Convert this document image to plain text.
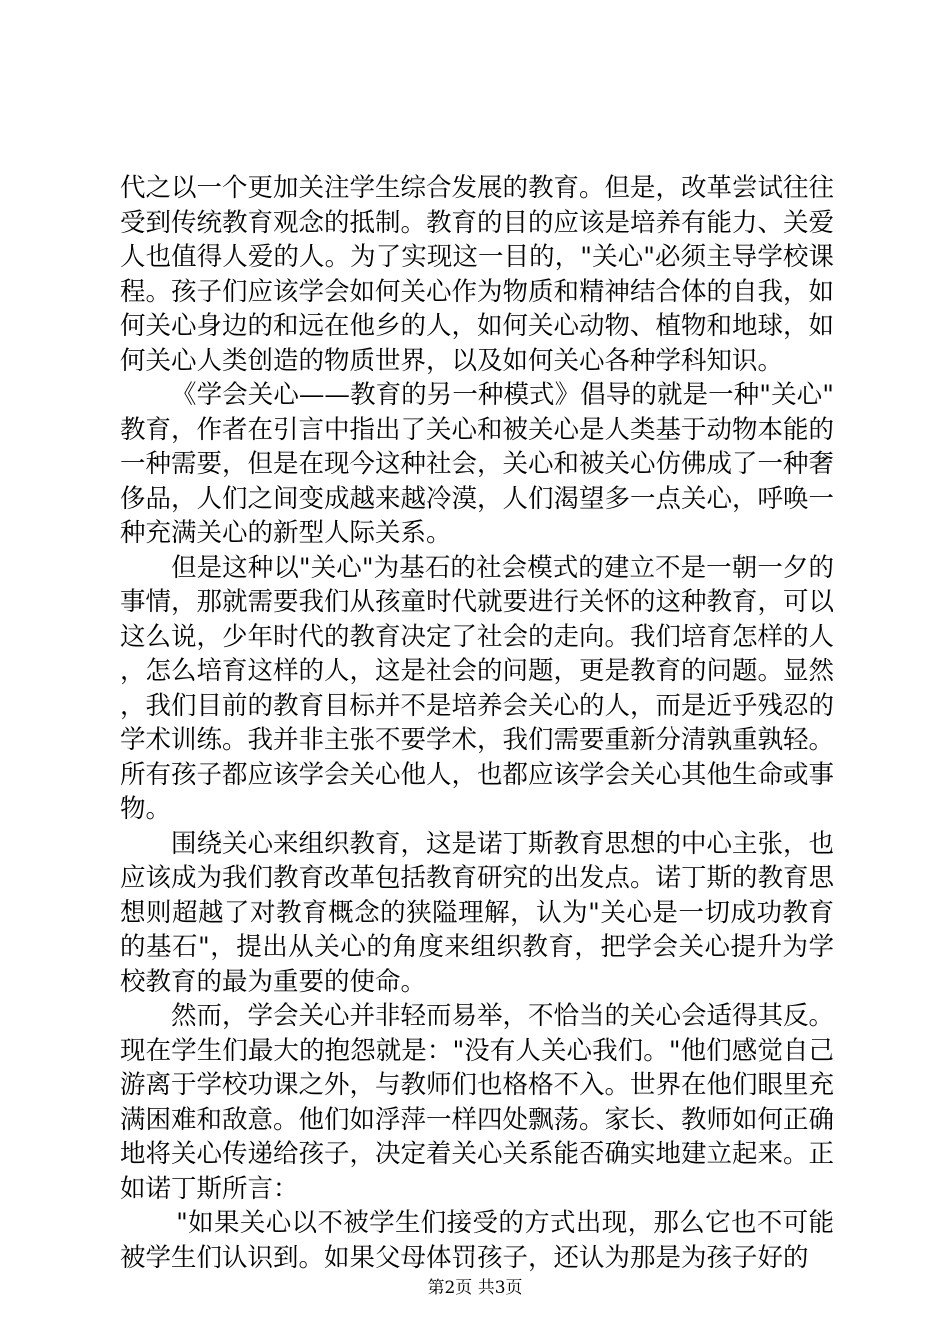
代之以一个更加关注学生综合发展的教育。但是，改革尝试往往受到传统教育观念的抵制。教育的目的应该是培养有能力、关爱人也值得人爱的人。为了实现这一目的，"关心"必须主导学校课程。孩子们应该学会如何关心作为物质和精神结合体的自我，如何关心身边的和远在他乡的人，如何关心动物、植物和地球，如何关心人类创造的物质世界，以及如何关心各种学科知识。

《学会关心——教育的另一种模式》倡导的就是一种"关心"教育，作者在引言中指出了关心和被关心是人类基于动物本能的一种需要，但是在现今这种社会，关心和被关心仿佛成了一种奢侈品，人们之间变成越来越冷漠，人们渴望多一点关心，呼唤一种充满关心的新型人际关系。

但是这种以"关心"为基石的社会模式的建立不是一朝一夕的事情，那就需要我们从孩童时代就要进行关怀的这种教育，可以这么说，少年时代的教育决定了社会的走向。我们培育怎样的人，怎么培育这样的人，这是社会的问题，更是教育的问题。显然，我们目前的教育目标并不是培养会关心的人，而是近乎残忍的学术训练。我并非主张不要学术，我们需要重新分清孰重孰轻。所有孩子都应该学会关心他人，也都应该学会关心其他生命或事物。

围绕关心来组织教育，这是诺丁斯教育思想的中心主张，也应该成为我们教育改革包括教育研究的出发点。诺丁斯的教育思想则超越了对教育概念的狭隘理解，认为"关心是一切成功教育的基石"，提出从关心的角度来组织教育，把学会关心提升为学校教育的最为重要的使命。

然而，学会关心并非轻而易举，不恰当的关心会适得其反。现在学生们最大的抱怨就是："没有人关心我们。"他们感觉自己游离于学校功课之外，与教师们也格格不入。世界在他们眼里充满困难和敌意。他们如浮萍一样四处飘荡。家长、教师如何正确地将关心传递给孩子，决定着关心关系能否确实地建立起来。正如诺丁斯所言：

"如果关心以不被学生们接受的方式出现，那么它也不可能被学生们认识到。如果父母体罚孩子，还认为那是为孩子好的

第2页 共3页
